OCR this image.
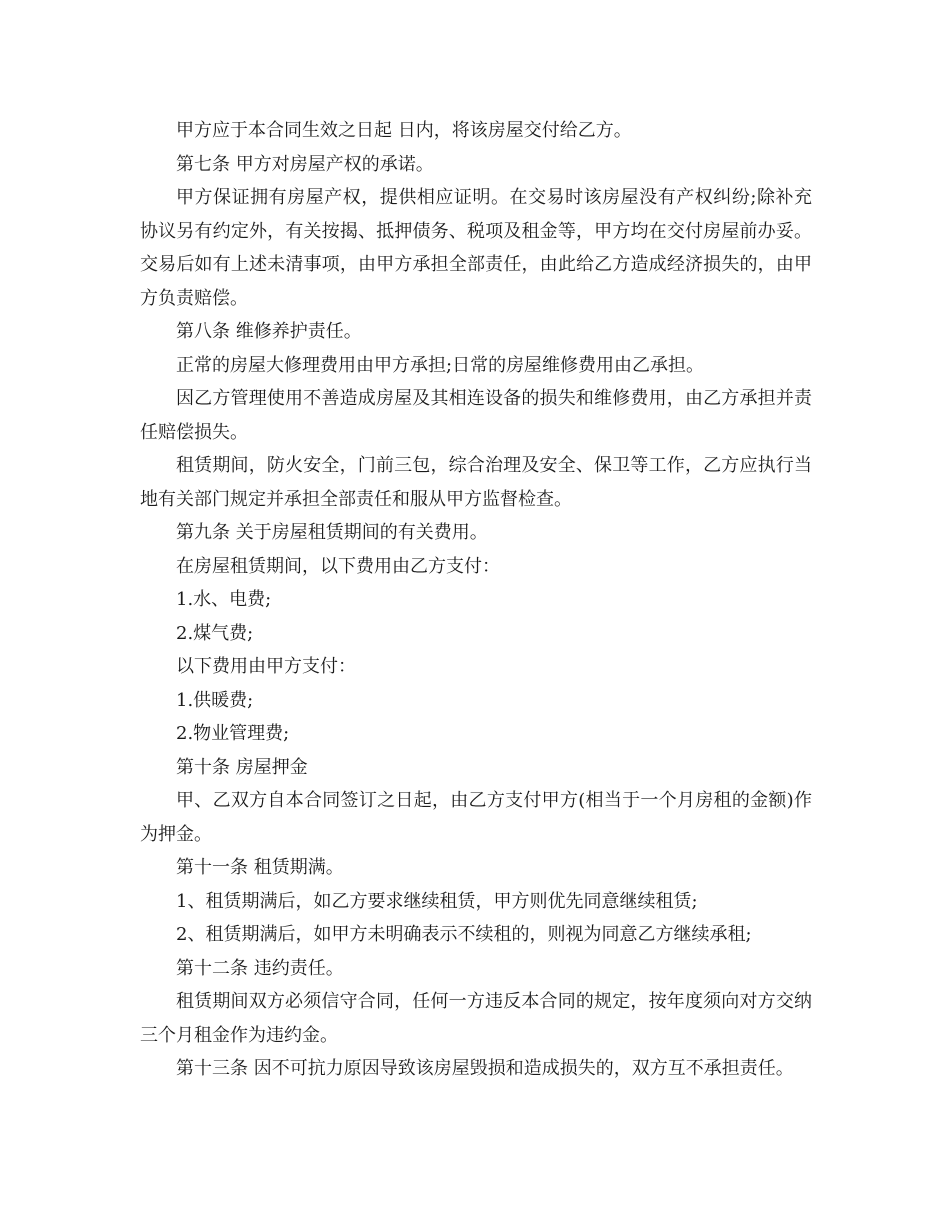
甲方应于本合同生效之日起 日内，将该房屋交付给乙方。

第七条 甲方对房屋产权的承诺。

甲方保证拥有房屋产权，提供相应证明。在交易时该房屋没有产权纠纷;除补充协议另有约定外，有关按揭、抵押债务、税项及租金等，甲方均在交付房屋前办妥。交易后如有上述未清事项，由甲方承担全部责任，由此给乙方造成经济损失的，由甲方负责赔偿。

第八条 维修养护责任。

正常的房屋大修理费用由甲方承担;日常的房屋维修费用由乙承担。

因乙方管理使用不善造成房屋及其相连设备的损失和维修费用，由乙方承担并责任赔偿损失。

租赁期间，防火安全，门前三包，综合治理及安全、保卫等工作，乙方应执行当地有关部门规定并承担全部责任和服从甲方监督检查。

第九条 关于房屋租赁期间的有关费用。

在房屋租赁期间，以下费用由乙方支付：

1.水、电费;

2.煤气费;

以下费用由甲方支付：

1.供暖费;

2.物业管理费;

第十条 房屋押金

甲、乙双方自本合同签订之日起，由乙方支付甲方(相当于一个月房租的金额)作为押金。

第十一条 租赁期满。

1、租赁期满后，如乙方要求继续租赁，甲方则优先同意继续租赁;

2、租赁期满后，如甲方未明确表示不续租的，则视为同意乙方继续承租;

第十二条 违约责任。

租赁期间双方必须信守合同，任何一方违反本合同的规定，按年度须向对方交纳三个月租金作为违约金。

第十三条 因不可抗力原因导致该房屋毁损和造成损失的，双方互不承担责任。
